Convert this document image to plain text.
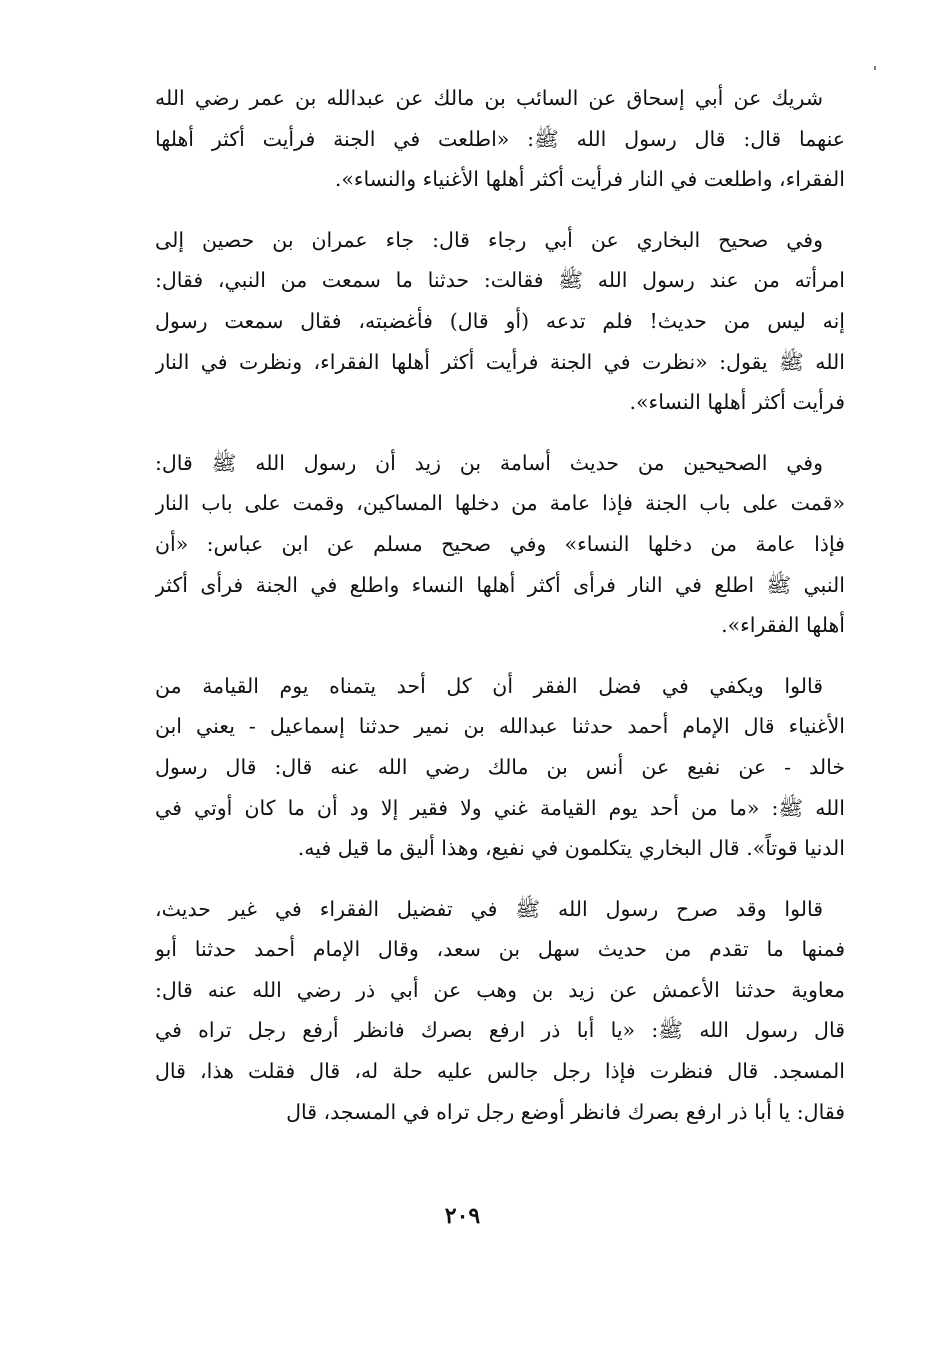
شريك عن أبي إسحاق عن السائب بن مالك عن عبدالله بن عمر رضي الله
عنهما قال: قال رسول الله ﷺ: «اطلعت في الجنة فرأيت أكثر أهلها
الفقراء، واطلعت في النار فرأيت أكثر أهلها الأغنياء والنساء».
وفي صحيح البخاري عن أبي رجاء قال: جاء عمران بن حصين إلى
امرأته من عند رسول الله ﷺ فقالت: حدثنا ما سمعت من النبي، فقال:
إنه ليس من حديث! فلم تدعه (أو قال) فأغضبته، فقال سمعت رسول
الله ﷺ يقول: «نظرت في الجنة فرأيت أكثر أهلها الفقراء، ونظرت في النار
فرأيت أكثر أهلها النساء».
وفي الصحيحين من حديث أسامة بن زيد أن رسول الله ﷺ قال:
«قمت على باب الجنة فإذا عامة من دخلها المساكين، وقمت على باب النار
فإذا عامة من دخلها النساء» وفي صحيح مسلم عن ابن عباس: «أن
النبي ﷺ اطلع في النار فرأى أكثر أهلها النساء واطلع في الجنة فرأى أكثر
أهلها الفقراء».
قالوا ويكفي في فضل الفقر أن كل أحد يتمناه يوم القيامة من
الأغنياء قال الإمام أحمد حدثنا عبدالله بن نمير حدثنا إسماعيل - يعني ابن
خالد - عن نفيع عن أنس بن مالك رضي الله عنه قال: قال رسول
الله ﷺ: «ما من أحد يوم القيامة غني ولا فقير إلا ود أن ما كان أوتي في
الدنيا قوتاً». قال البخاري يتكلمون في نفيع، وهذا أليق ما قيل فيه.
قالوا وقد صرح رسول الله ﷺ في تفضيل الفقراء في غير حديث،
فمنها ما تقدم من حديث سهل بن سعد، وقال الإمام أحمد حدثنا أبو
معاوية حدثنا الأعمش عن زيد بن وهب عن أبي ذر رضي الله عنه قال:
قال رسول الله ﷺ: «يا أبا ذر ارفع بصرك فانظر أرفع رجل تراه في
المسجد. قال فنظرت فإذا رجل جالس عليه حلة له، قال فقلت هذا، قال
فقال: يا أبا ذر ارفع بصرك فانظر أوضع رجل تراه في المسجد، قال
٢٠٩
